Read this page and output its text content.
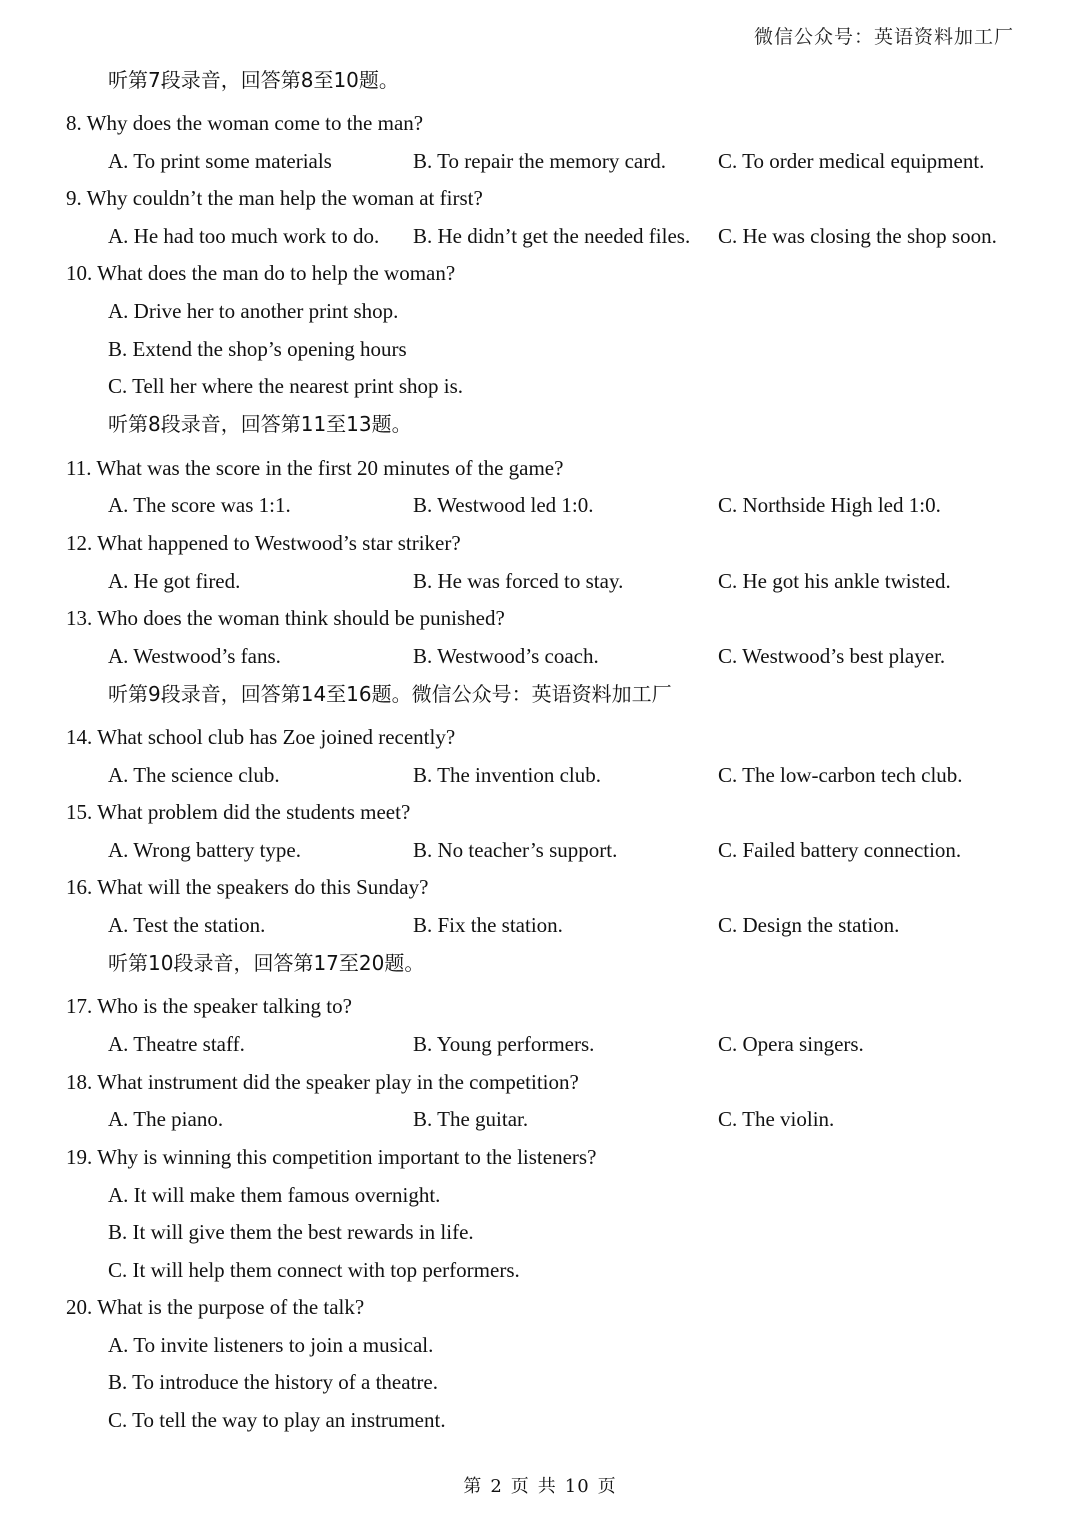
微信公众号：英语资料加工厂
听第7段录音，回答第8至10题。
8. Why does the woman come to the man?
A. To print some materials	B. To repair the memory card. C. To order medical equipment.
9. Why couldn’t the man help the woman at first?
A. He had too much work to do. B. He didn’t get the needed files. C. He was closing the shop soon.
10. What does the man do to help the woman?
A. Drive her to another print shop.
B. Extend the shop’s opening hours
C. Tell her where the nearest print shop is.
听第8段录音，回答第11至13题。
11. What was the score in the first 20 minutes of the game?
A. The score was 1:1.	B. Westwood led 1:0.	C. Northside High led 1:0.
12. What happened to Westwood’s star striker?
A. He got fired.	B. He was forced to stay.	C. He got his ankle twisted.
13. Who does the woman think should be punished?
A. Westwood’s fans.	B. Westwood’s coach.	C. Westwood’s best player.
听第9段录音，回答第14至16题。微信公众号：英语资料加工厂
14. What school club has Zoe joined recently?
A. The science club.	B. The invention club.	C. The low-carbon tech club.
15. What problem did the students meet?
A. Wrong battery type.	B. No teacher’s support.	C. Failed battery connection.
16. What will the speakers do this Sunday?
A. Test the station.	B. Fix the station.	C. Design the station.
听第10段录音，回答第17至20题。
17. Who is the speaker talking to?
A. Theatre staff.	B. Young performers.	C. Opera singers.
18. What instrument did the speaker play in the competition?
A. The piano.	B. The guitar.	C. The violin.
19. Why is winning this competition important to the listeners?
A. It will make them famous overnight.
B. It will give them the best rewards in life.
C. It will help them connect with top performers.
20. What is the purpose of the talk?
A. To invite listeners to join a musical.
B. To introduce the history of a theatre.
C. To tell the way to play an instrument.
第 2 页 共 10 页
